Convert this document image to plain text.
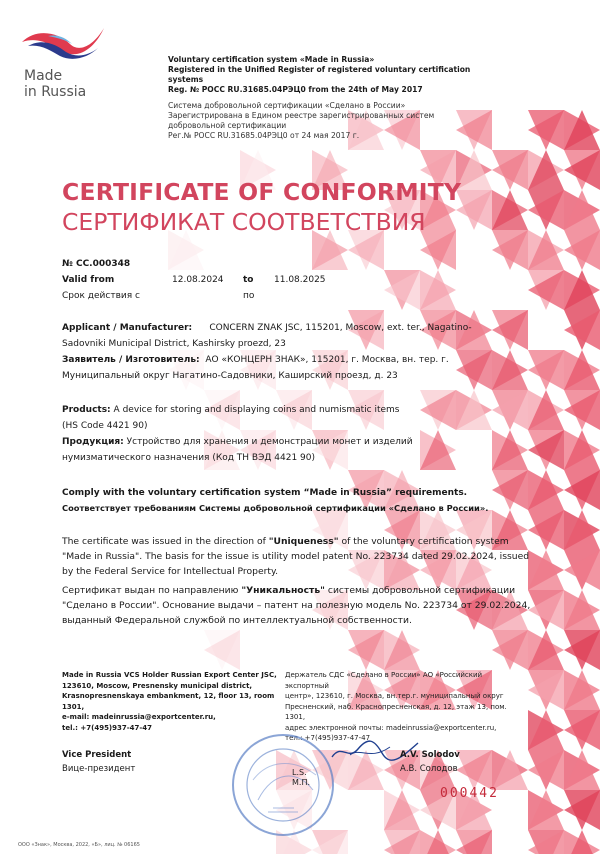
Made
in Russia
Voluntary certification system «Made in Russia»
Registered in the Unified Register of registered voluntary certification systems
Reg. № РОСС RU.31685.04РЭЦ0 from the 24th of May 2017
Система добровольной сертификации «Сделано в России»
Зарегистрирована в Едином реестре зарегистрированных систем
добровольной сертификации
Рег.№ РОСС RU.31685.04РЭЦ0 от 24 мая 2017 г.
CERTIFICATE OF CONFORMITY
СЕРТИФИКАТ СООТВЕТСТВИЯ
№ CC.000348
Valid from	12.08.2024 to 11.08.2025
Срок действия с	по
Applicant / Manufacturer: CONCERN ZNAK JSC, 115201, Moscow, ext. ter., Nagatino-
Sadovniki Municipal District, Kashirsky proezd, 23
Заявитель / Изготовитель: АО «КОНЦЕРН ЗНАК», 115201, г. Москва, вн. тер. г.
Муниципальный округ Нагатино-Садовники, Каширский проезд, д. 23
Products: A device for storing and displaying coins and numismatic items
(HS Code 4421 90)
Продукция: Устройство для хранения и демонстрации монет и изделий
нумизматического назначения (Код ТН ВЭД 4421 90)
Comply with the voluntary certification system “Made in Russia” requirements.
Соответствует требованиям Системы добровольной сертификации «Сделано в России».

The certificate was issued in the direction of "Uniqueness" of the voluntary certification system "Made in Russia". The basis for the issue is utility model patent No. 223734 dated 29.02.2024, issued by the Federal Service for Intellectual Property.

Сертификат выдан по направлению "Уникальность" системы добровольной сертификации "Сделано в России". Основание выдачи – патент на полезную модель No. 223734 от 29.02.2024, выданный Федеральной службой по интеллектуальной собственности.

Made in Russia VCS Holder Russian Export Center JSC,
123610, Moscow, Presnensky municipal district,
Krasnopresnenskaya embankment, 12, floor 13, room 1301,
e-mail: madeinrussia@exportcenter.ru,
tel.: +7(495)937-47-47
Держатель СДС «Сделано в России» АО «Российский экспортный
центр», 123610, г. Москва, вн.тер.г. муниципальный округ
Пресненский, наб. Краснопресненская, д. 12, этаж 13, пом. 1301,
адрес электронной почты: madeinrussia@exportcenter.ru,
тел.: +7(495)937-47-47
Vice President
Вице-президент	L.S.
М.П.
A.V. Solodov
А.В. Солодов
000442
ООО «Знак», Москва, 2022, «Б», лиц. № 06165
